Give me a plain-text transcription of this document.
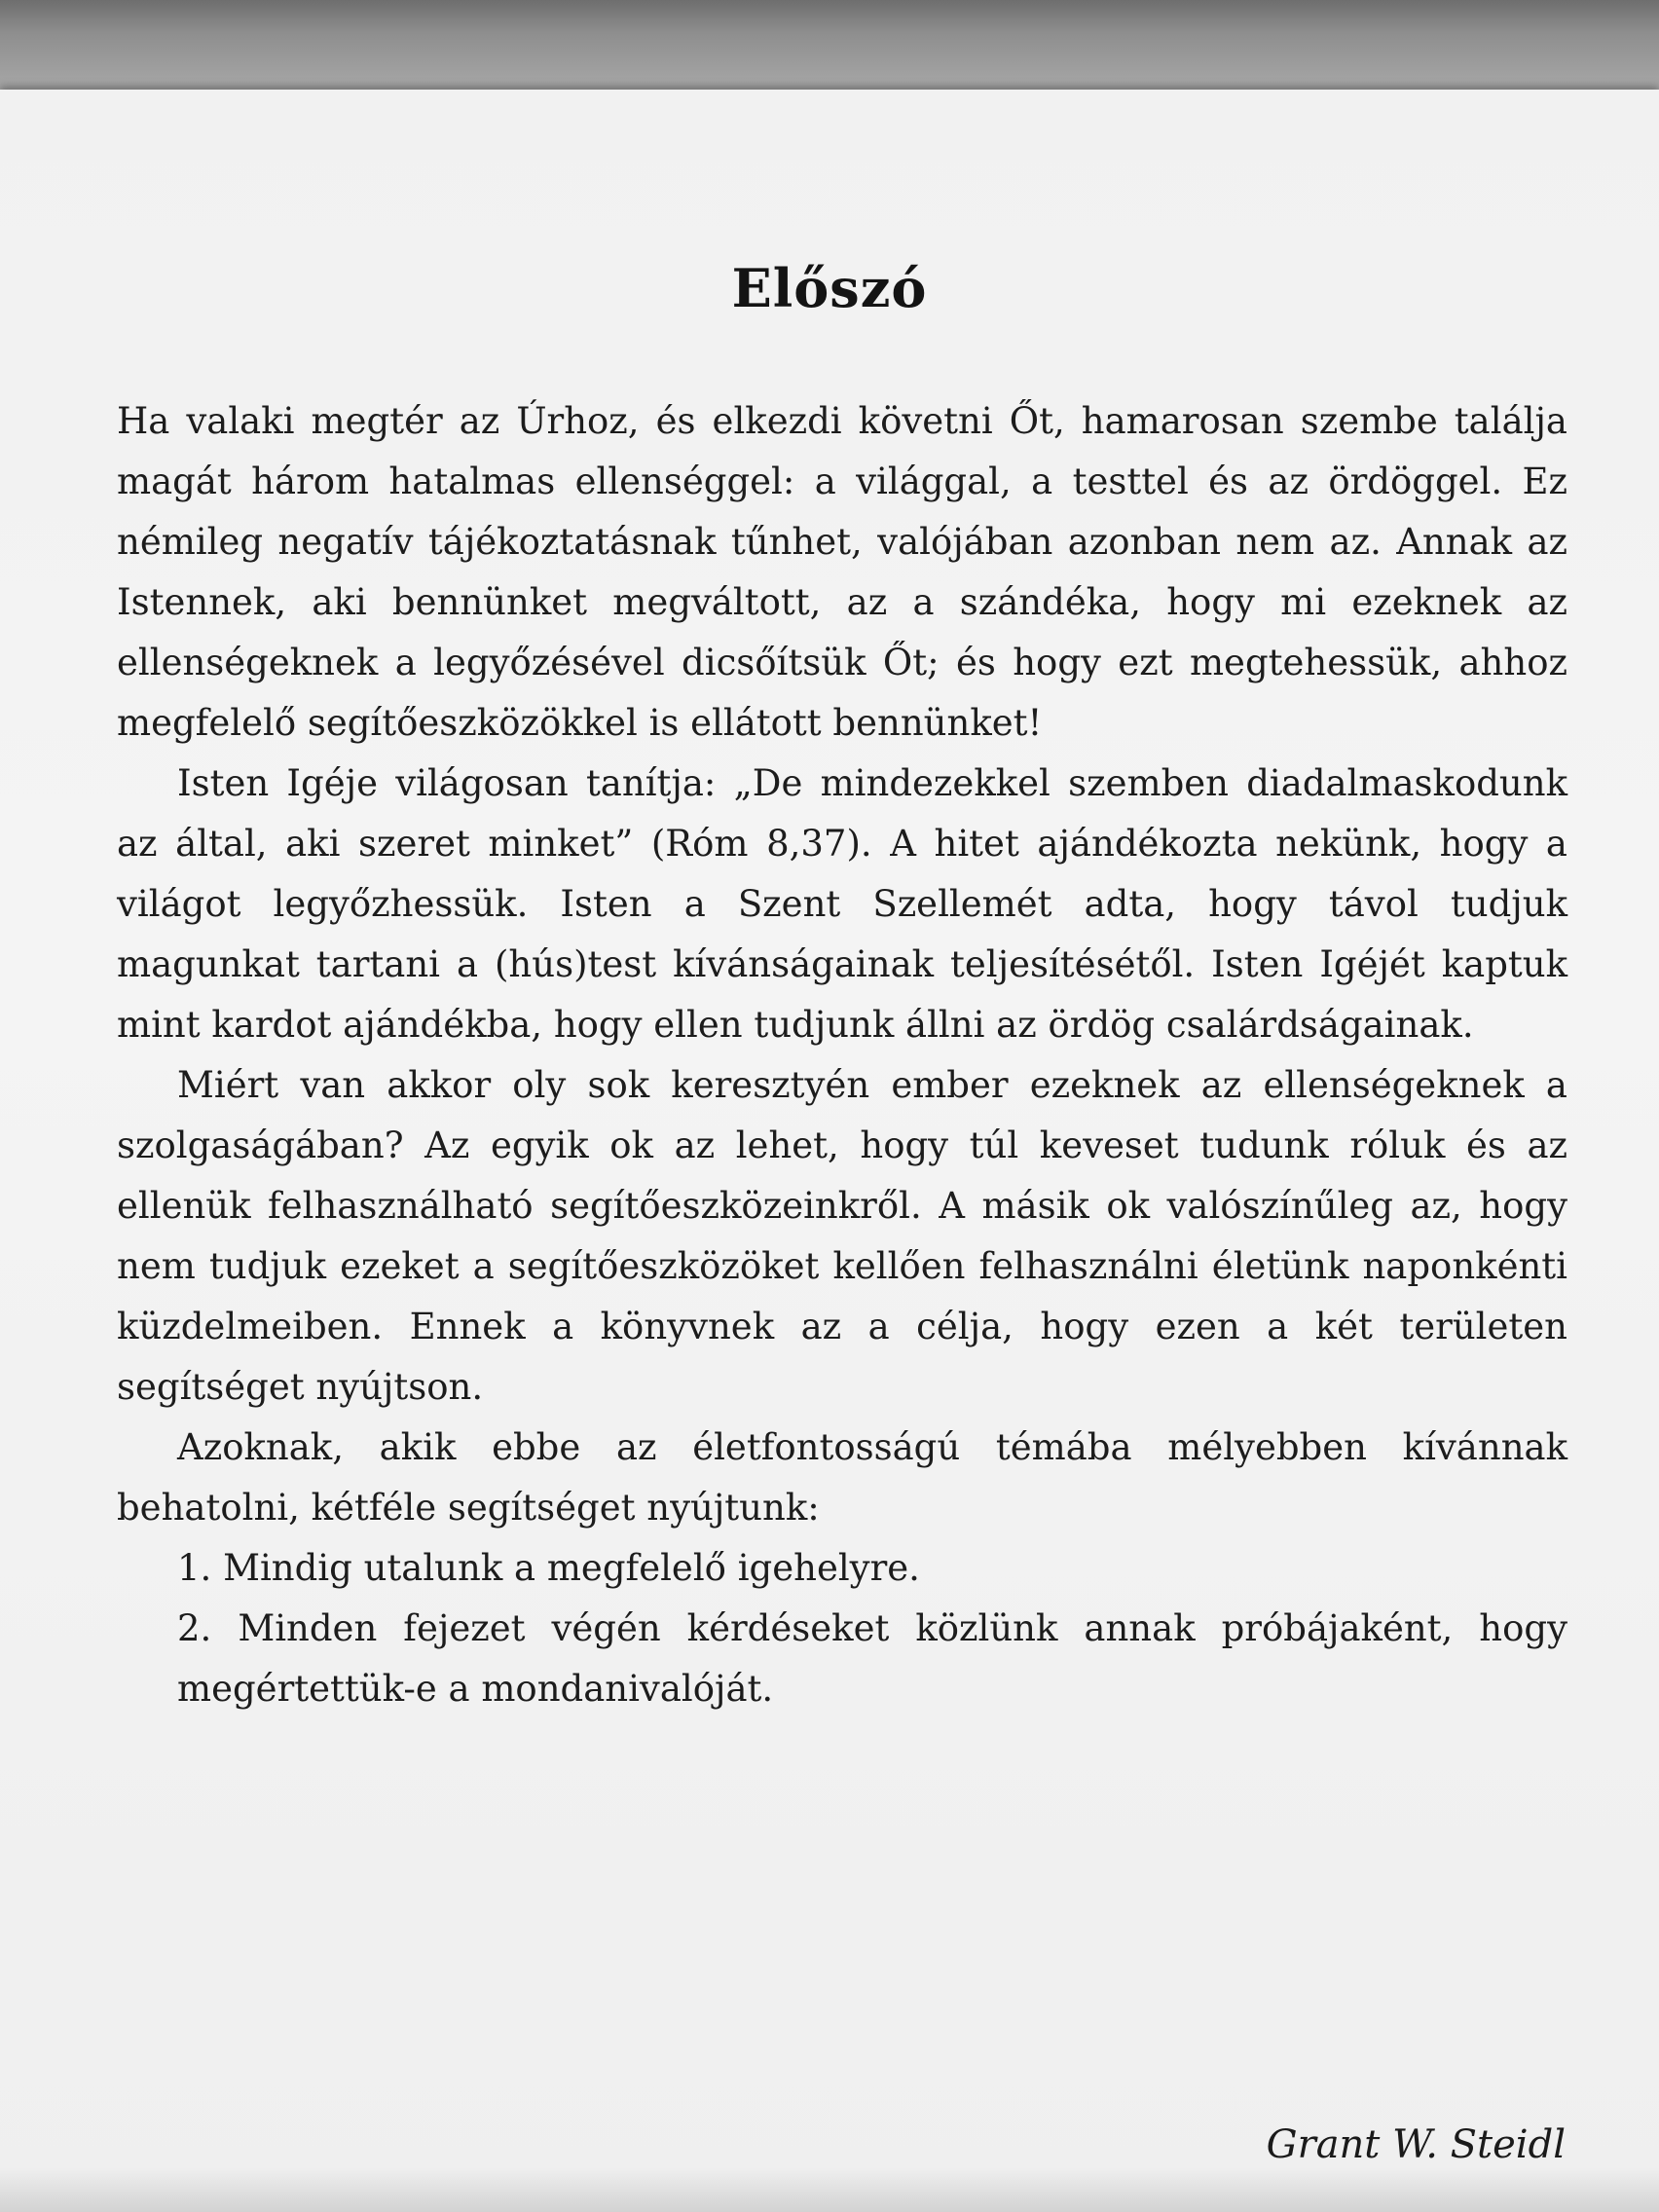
Előszó

Ha valaki megtér az Úrhoz, és elkezdi követni Őt, hamarosan szembe találja magát három hatalmas ellenséggel: a világgal, a testtel és az ördöggel. Ez némileg negatív tájékoztatásnak tűnhet, valójában azonban nem az. Annak az Istennek, aki bennünket megváltott, az a szándéka, hogy mi ezeknek az ellenségeknek a legyőzésével dicsőítsük Őt; és hogy ezt megtehessük, ahhoz megfelelő segítőeszközökkel is ellátott bennünket!

Isten Igéje világosan tanítja: „De mindezekkel szemben diadalmaskodunk az által, aki szeret minket” (Róm 8,37). A hitet ajándékozta nekünk, hogy a világot legyőzhessük. Isten a Szent Szellemét adta, hogy távol tudjuk magunkat tartani a (hús)test kívánságainak teljesítésétől. Isten Igéjét kaptuk mint kardot ajándékba, hogy ellen tudjunk állni az ördög csalárdságainak.

Miért van akkor oly sok keresztyén ember ezeknek az ellenségeknek a szolgaságában? Az egyik ok az lehet, hogy túl keveset tudunk róluk és az ellenük felhasználható segítőeszközeinkről. A másik ok valószínűleg az, hogy nem tudjuk ezeket a segítőeszközöket kellően felhasználni életünk naponkénti küzdelmeiben. Ennek a könyvnek az a célja, hogy ezen a két területen segítséget nyújtson.

Azoknak, akik ebbe az életfontosságú témába mélyebben kívánnak behatolni, kétféle segítséget nyújtunk:

1. Mindig utalunk a megfelelő igehelyre.
2. Minden fejezet végén kérdéseket közlünk annak próbájaként, hogy megértettük-e a mondanivalóját.
Grant W. Steidl
